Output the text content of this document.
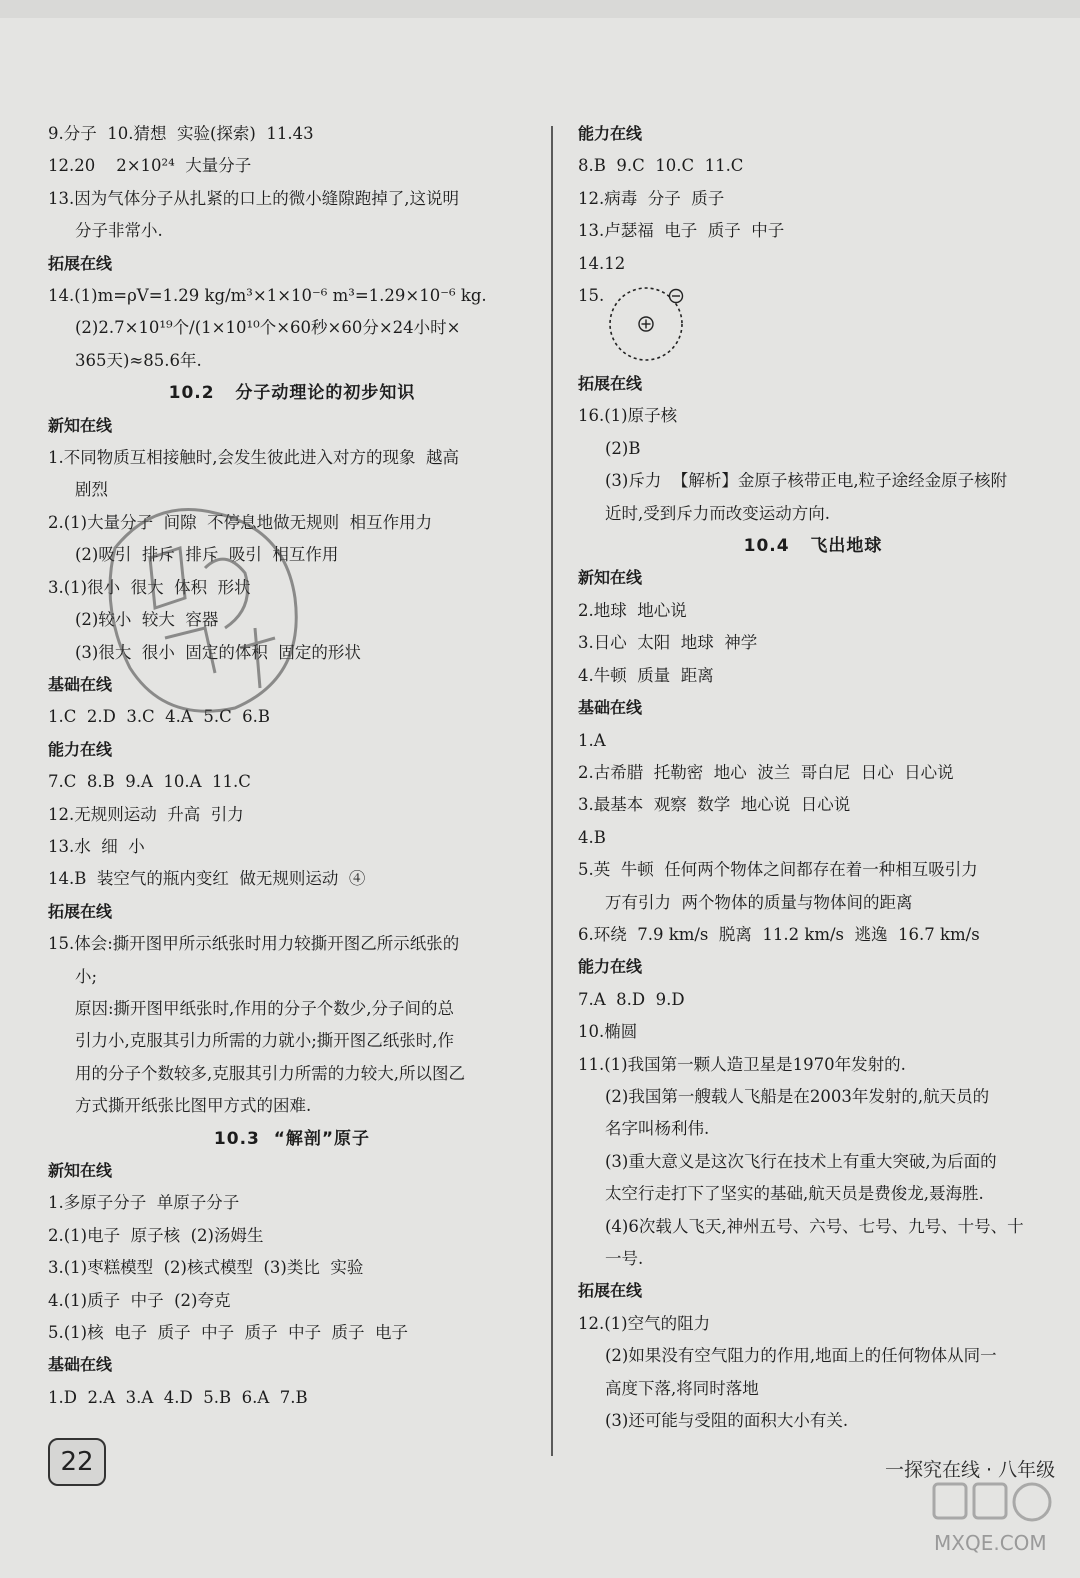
9.分子  10.猜想  实验(探索)  11.43
12.20    2×10²⁴  大量分子
13.因为气体分子从扎紧的口上的微小缝隙跑掉了,这说明
分子非常小.
拓展在线
14.(1)m=ρV=1.29 kg/m³×1×10⁻⁶ m³=1.29×10⁻⁶ kg.
(2)2.7×10¹⁹个/(1×10¹⁰个×60秒×60分×24小时×
365天)≈85.6年.
10.2   分子动理论的初步知识
新知在线
1.不同物质互相接触时,会发生彼此进入对方的现象  越高
剧烈
2.(1)大量分子  间隙  不停息地做无规则  相互作用力
(2)吸引  排斥  排斥  吸引  相互作用
3.(1)很小  很大  体积  形状
(2)较小  较大  容器
(3)很大  很小  固定的体积  固定的形状
基础在线
1.C  2.D  3.C  4.A  5.C  6.B
能力在线
7.C  8.B  9.A  10.A  11.C
12.无规则运动  升高  引力
13.水  细  小
14.B  装空气的瓶内变红  做无规则运动  ④
拓展在线
15.体会:撕开图甲所示纸张时用力较撕开图乙所示纸张的
小;
原因:撕开图甲纸张时,作用的分子个数少,分子间的总
引力小,克服其引力所需的力就小;撕开图乙纸张时,作
用的分子个数较多,克服其引力所需的力较大,所以图乙
方式撕开纸张比图甲方式的困难.
10.3  “解剖”原子
新知在线
1.多原子分子  单原子分子
2.(1)电子  原子核  (2)汤姆生
3.(1)枣糕模型  (2)核式模型  (3)类比  实验
4.(1)质子  中子  (2)夸克
5.(1)核  电子  质子  中子  质子  中子  质子  电子
基础在线
1.D  2.A  3.A  4.D  5.B  6.A  7.B
能力在线
8.B  9.C  10.C  11.C
12.病毒  分子  质子
13.卢瑟福  电子  质子  中子
14.12
15.
拓展在线
16.(1)原子核
(2)B
(3)斥力  【解析】金原子核带正电,粒子途经金原子核附
近时,受到斥力而改变运动方向.
10.4   飞出地球
新知在线
2.地球  地心说
3.日心  太阳  地球  神学
4.牛顿  质量  距离
基础在线
1.A
2.古希腊  托勒密  地心  波兰  哥白尼  日心  日心说
3.最基本  观察  数学  地心说  日心说
4.B
5.英  牛顿  任何两个物体之间都存在着一种相互吸引力
万有引力  两个物体的质量与物体间的距离
6.环绕  7.9 km/s  脱离  11.2 km/s  逃逸  16.7 km/s
能力在线
7.A  8.D  9.D
10.椭圆
11.(1)我国第一颗人造卫星是1970年发射的.
(2)我国第一艘载人飞船是在2003年发射的,航天员的
名字叫杨利伟.
(3)重大意义是这次飞行在技术上有重大突破,为后面的
太空行走打下了坚实的基础,航天员是费俊龙,聂海胜.
(4)6次载人飞天,神州五号、六号、七号、九号、十号、十
一号.
拓展在线
12.(1)空气的阻力
(2)如果没有空气阻力的作用,地面上的任何物体从同一
高度下落,将同时落地
(3)还可能与受阻的面积大小有关.
22	一探究在线 · 八年级
MXQE.COM
